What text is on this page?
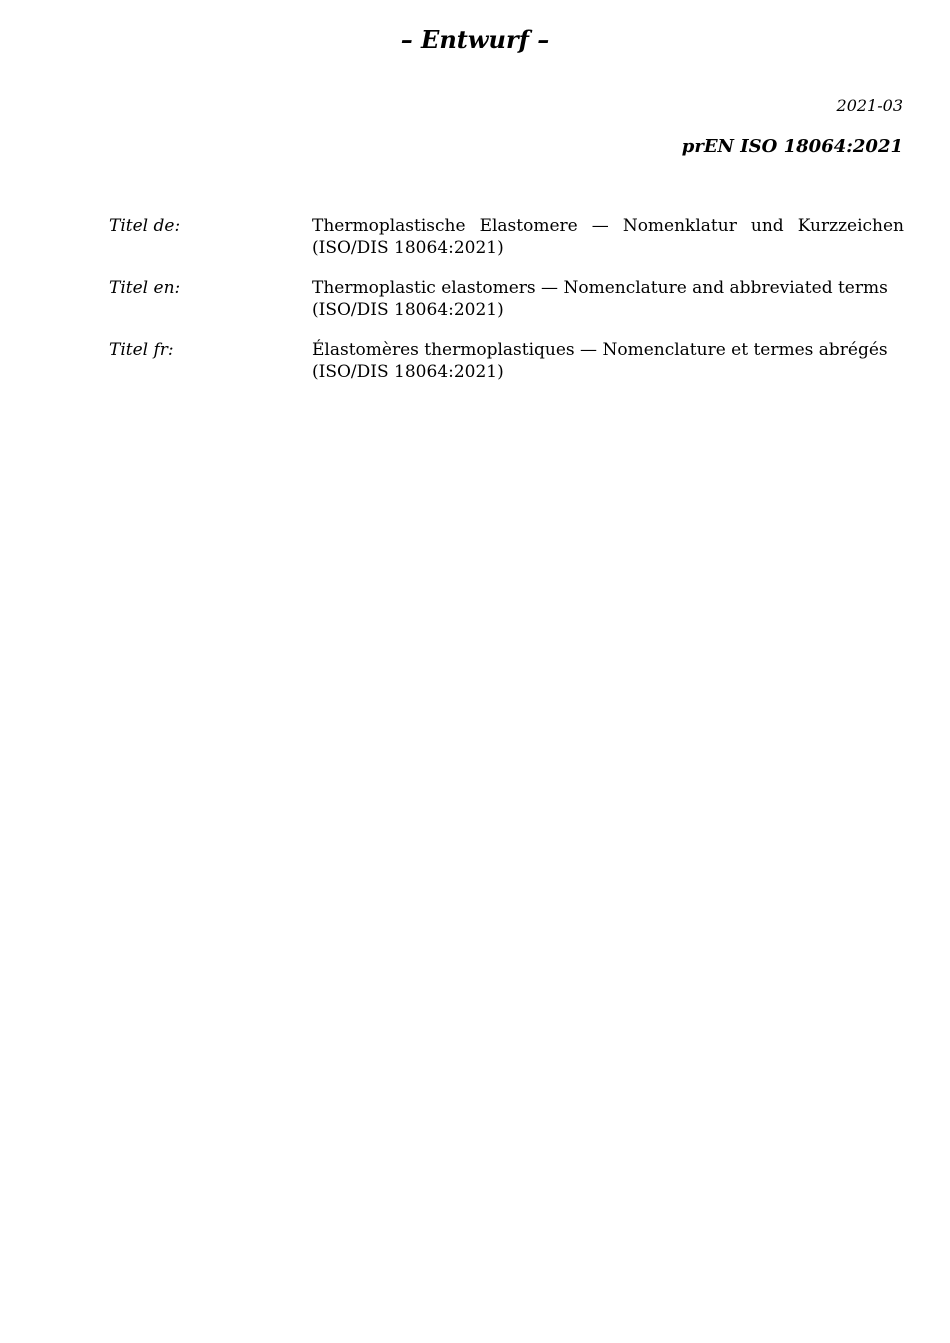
– Entwurf –
2021-03
prEN ISO 18064:2021
Titel de:	Thermoplastische Elastomere — Nomenklatur und Kurzzeichen
(ISO/DIS 18064:2021)
Titel en:	Thermoplastic elastomers — Nomenclature and abbreviated terms
(ISO/DIS 18064:2021)
Titel fr:	Élastomères thermoplastiques — Nomenclature et termes abrégés
(ISO/DIS 18064:2021)
